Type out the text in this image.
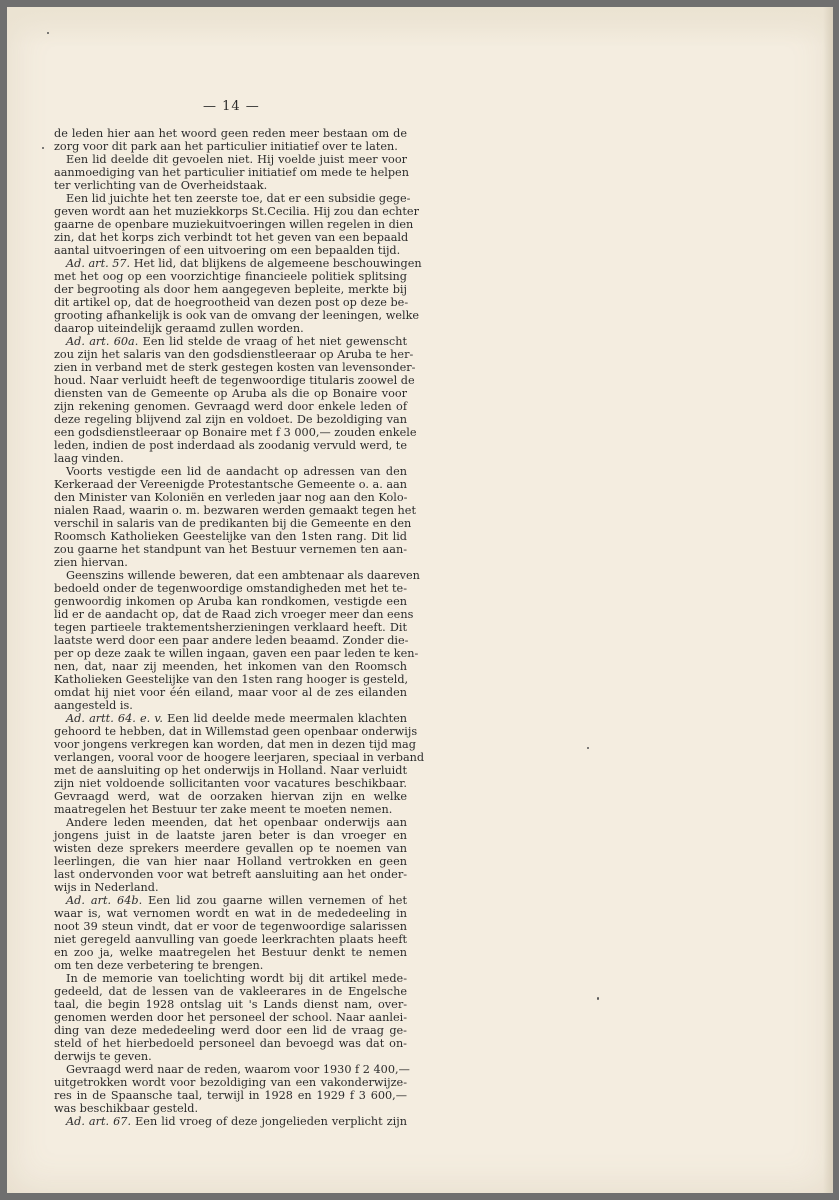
— 14 —
de leden hier aan het woord geen reden meer bestaan om de
zorg voor dit park aan het particulier initiatief over te laten.
Een lid deelde dit gevoelen niet. Hij voelde juist meer voor
aanmoediging van het particulier initiatief om mede te helpen
ter verlichting van de Overheidstaak.
Een lid juichte het ten zeerste toe, dat er een subsidie gege-
geven wordt aan het muziekkorps St.Cecilia. Hij zou dan echter
gaarne de openbare muziekuitvoeringen willen regelen in dien
zin, dat het korps zich verbindt tot het geven van een bepaald
aantal uitvoeringen of een uitvoering om een bepaalden tijd.
Ad. art. 57. Het lid, dat blijkens de algemeene beschouwingen
met het oog op een voorzichtige financieele politiek splitsing
der begrooting als door hem aangegeven bepleite, merkte bij
dit artikel op, dat de hoegrootheid van dezen post op deze be-
grooting afhankelijk is ook van de omvang der leeningen, welke
daarop uiteindelijk geraamd zullen worden.
Ad. art. 60a. Een lid stelde de vraag of het niet gewenscht
zou zijn het salaris van den godsdienstleeraar op Aruba te her-
zien in verband met de sterk gestegen kosten van levensonder-
houd. Naar verluidt heeft de tegenwoordige titularis zoowel de
diensten van de Gemeente op Aruba als die op Bonaire voor
zijn rekening genomen. Gevraagd werd door enkele leden of
deze regeling blijvend zal zijn en voldoet. De bezoldiging van
een godsdienstleeraar op Bonaire met f 3 000,— zouden enkele
leden, indien de post inderdaad als zoodanig vervuld werd, te
laag vinden.
Voorts vestigde een lid de aandacht op adressen van den
Kerkeraad der Vereenigde Protestantsche Gemeente o. a. aan
den Minister van Koloniën en verleden jaar nog aan den Kolo-
nialen Raad, waarin o. m. bezwaren werden gemaakt tegen het
verschil in salaris van de predikanten bij die Gemeente en den
Roomsch Katholieken Geestelijke van den 1sten rang. Dit lid
zou gaarne het standpunt van het Bestuur vernemen ten aan-
zien hiervan.
Geenszins willende beweren, dat een ambtenaar als daareven
bedoeld onder de tegenwoordige omstandigheden met het te-
genwoordig inkomen op Aruba kan rondkomen, vestigde een
lid er de aandacht op, dat de Raad zich vroeger meer dan eens
tegen partieele traktementsherzieningen verklaard heeft. Dit
laatste werd door een paar andere leden beaamd. Zonder die-
per op deze zaak te willen ingaan, gaven een paar leden te ken-
nen, dat, naar zij meenden, het inkomen van den Roomsch
Katholieken Geestelijke van den 1sten rang hooger is gesteld,
omdat hij niet voor één eiland, maar voor al de zes eilanden
aangesteld is.
Ad. artt. 64. e. v. Een lid deelde mede meermalen klachten
gehoord te hebben, dat in Willemstad geen openbaar onderwijs
voor jongens verkregen kan worden, dat men in dezen tijd mag
verlangen, vooral voor de hoogere leerjaren, speciaal in verband
met de aansluiting op het onderwijs in Holland. Naar verluidt
zijn niet voldoende sollicitanten voor vacatures beschikbaar.
Gevraagd werd, wat de oorzaken hiervan zijn en welke
maatregelen het Bestuur ter zake meent te moeten nemen.
Andere leden meenden, dat het openbaar onderwijs aan
jongens juist in de laatste jaren beter is dan vroeger en
wisten deze sprekers meerdere gevallen op te noemen van
leerlingen, die van hier naar Holland vertrokken en geen
last ondervonden voor wat betreft aansluiting aan het onder-
wijs in Nederland.
Ad. art. 64b. Een lid zou gaarne willen vernemen of het
waar is, wat vernomen wordt en wat in de mededeeling in
noot 39 steun vindt, dat er voor de tegenwoordige salarissen
niet geregeld aanvulling van goede leerkrachten plaats heeft
en zoo ja, welke maatregelen het Bestuur denkt te nemen
om ten deze verbetering te brengen.
In de memorie van toelichting wordt bij dit artikel mede-
gedeeld, dat de lessen van de vakleerares in de Engelsche
taal, die begin 1928 ontslag uit 's Lands dienst nam, over-
genomen werden door het personeel der school. Naar aanlei-
ding van deze mededeeling werd door een lid de vraag ge-
steld of het hierbedoeld personeel dan bevoegd was dat on-
derwijs te geven.
Gevraagd werd naar de reden, waarom voor 1930 f 2 400,—
uitgetrokken wordt voor bezoldiging van een vakonderwijze-
res in de Spaansche taal, terwijl in 1928 en 1929 f 3 600,—
was beschikbaar gesteld.
Ad. art. 67. Een lid vroeg of deze jongelieden verplicht zijn
